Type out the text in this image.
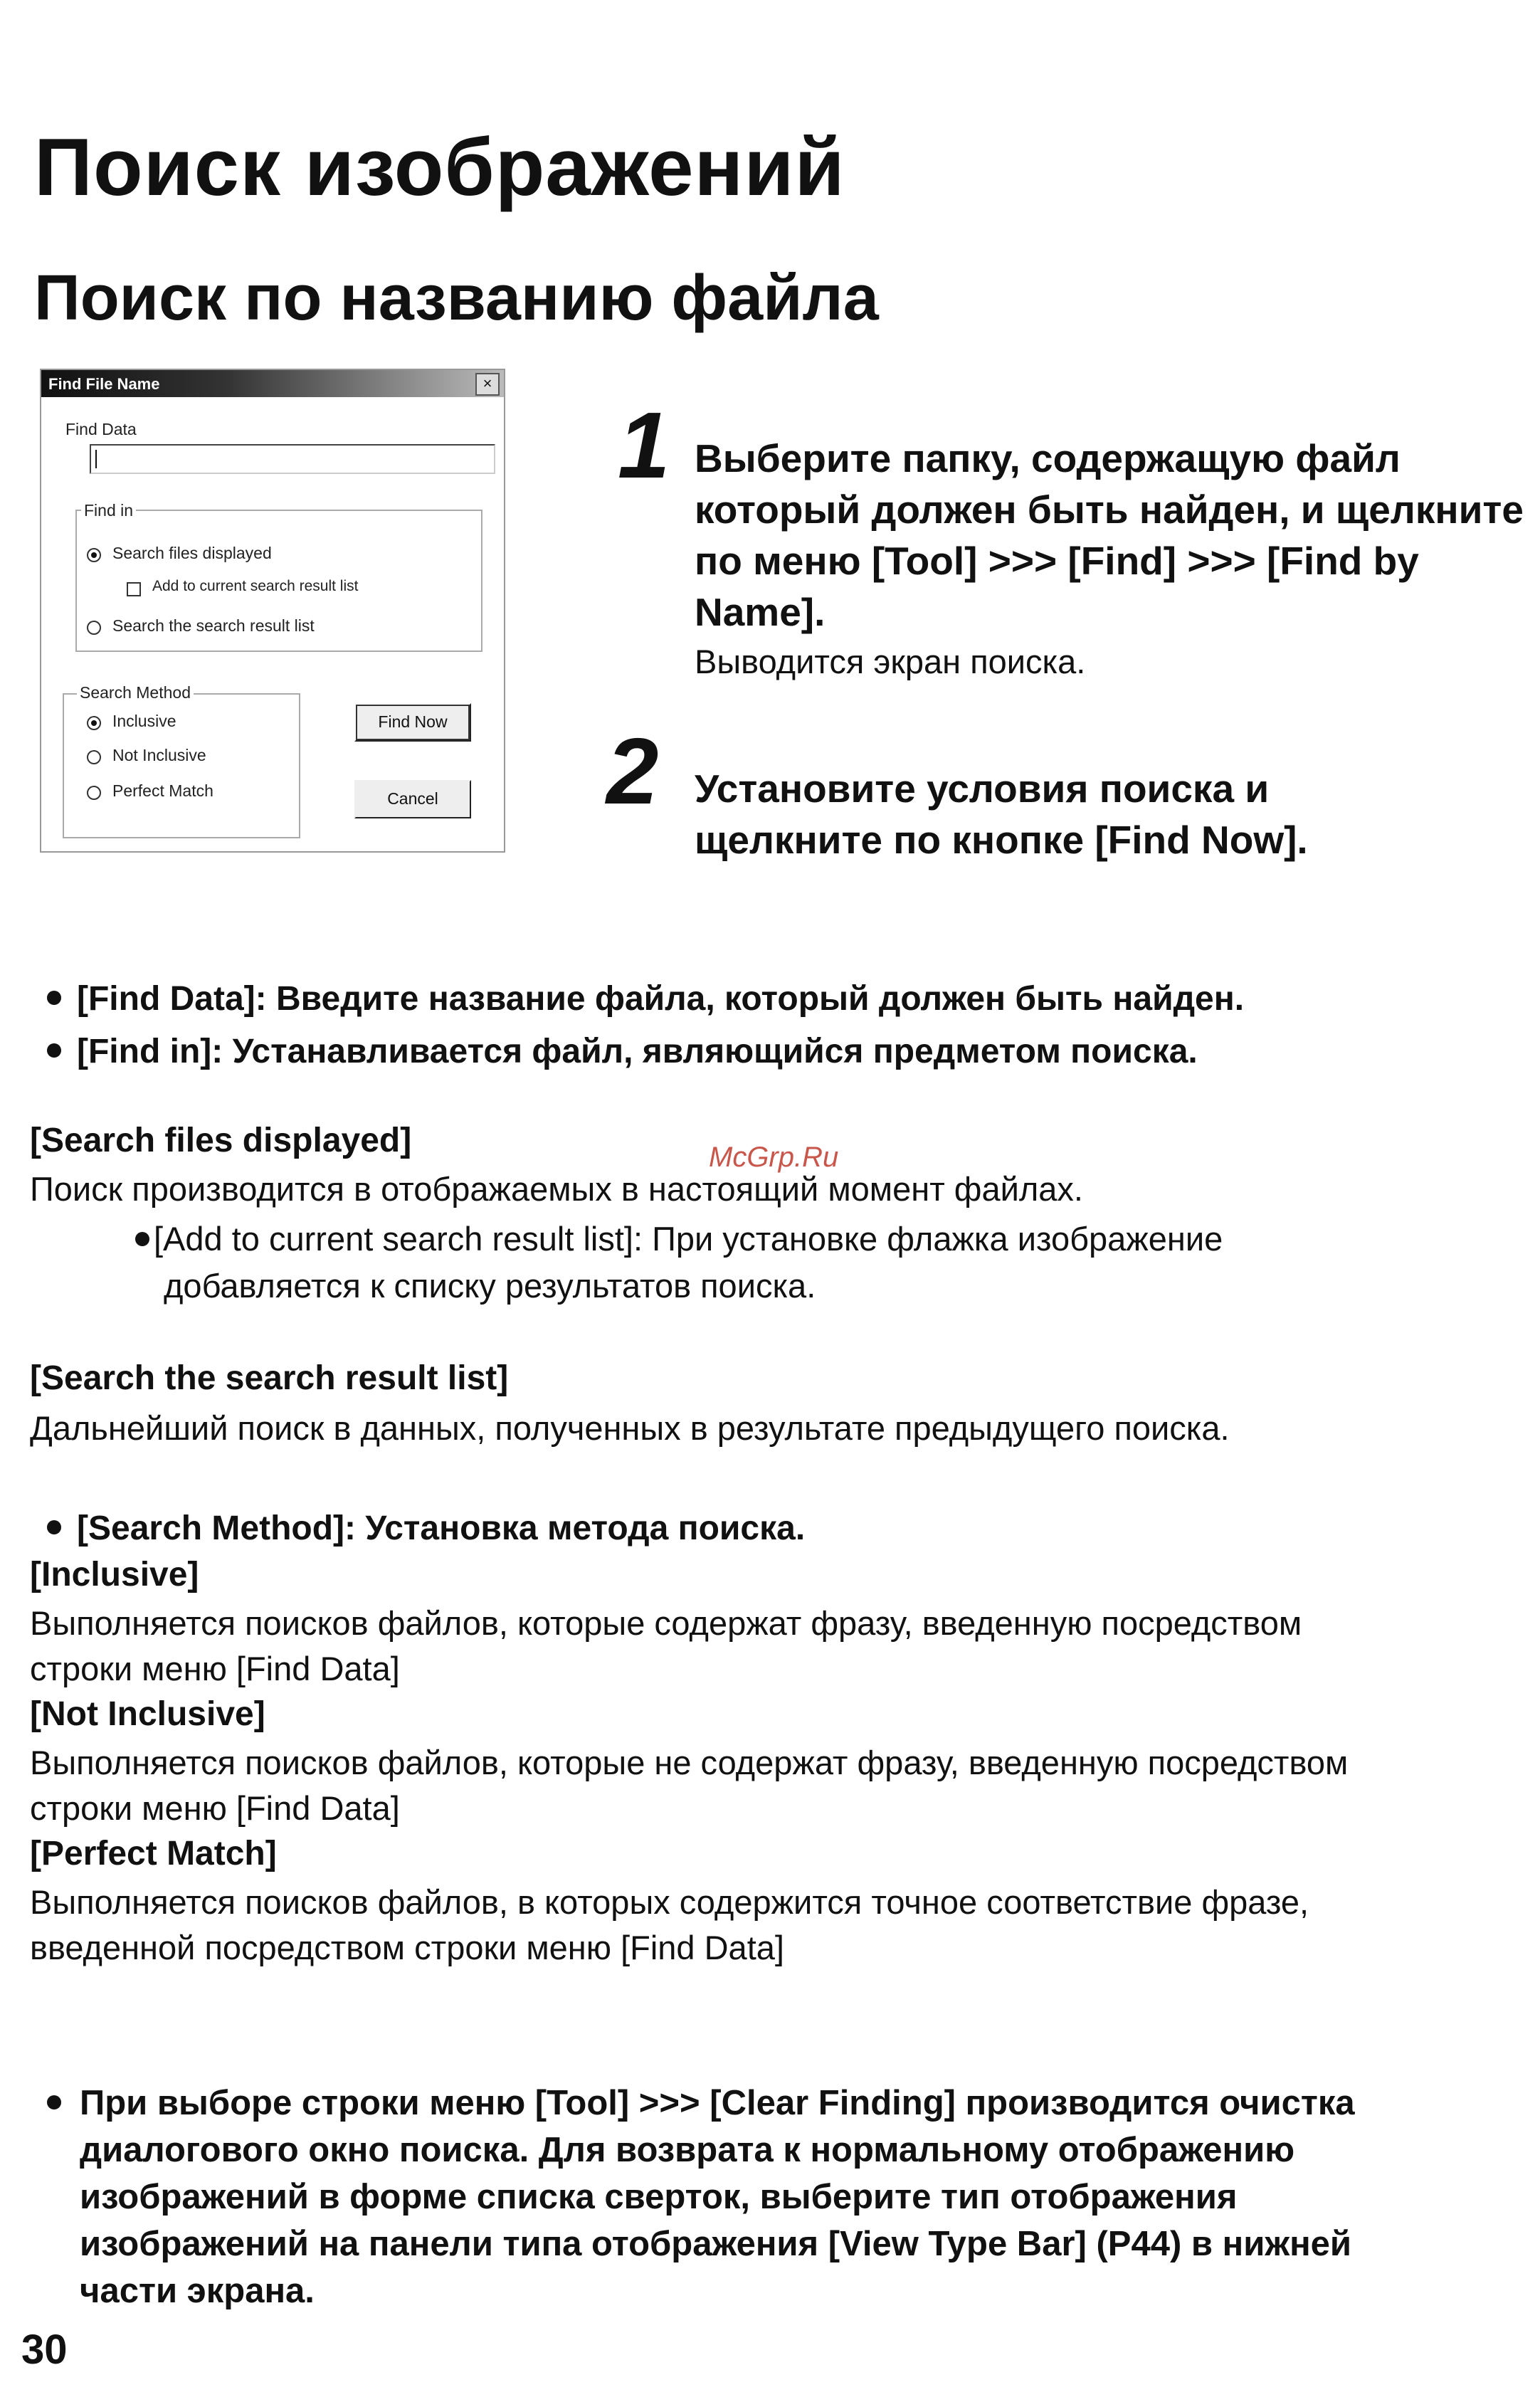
Поиск изображений
Поиск по названию файла
Find File Name	×
Find Data
Find in
Search files displayed
Add to current search result list
Search the search result list
Search Method
Inclusive
Not Inclusive
Perfect Match
Find Now
Cancel
1 Выберите папку, содержащую файл который должен быть найден, и щелкните по меню [Tool] >>> [Find] >>> [Find by Name].
Выводится экран поиска.
2 Установите условия поиска и щелкните по кнопке [Find Now].
[Find Data]: Введите название файла, который должен быть найден.
[Find in]: Устанавливается файл, являющийся предметом поиска.
[Search files displayed]
Поиск производится в отображаемых в настоящий момент файлах.
[Add to current search result list]: При установке флажка изображение
добавляется к списку результатов поиска.
[Search the search result list]
Дальнейший поиск в данных, полученных в результате предыдущего поиска.
[Search Method]: Установка метода поиска.
[Inclusive]
Выполняется поисков файлов, которые содержат фразу, введенную посредством
строки меню [Find Data]
[Not Inclusive]
Выполняется поисков файлов, которые не содержат фразу, введенную посредством
строки меню [Find Data]
[Perfect Match]
Выполняется поисков файлов, в которых содержится точное соответствие фразе,
введенной посредством строки меню [Find Data]
При выборе строки меню [Tool] >>> [Clear Finding] производится очистка
диалогового окно поиска. Для возврата к нормальному отображению
изображений в форме списка сверток, выберите тип отображения
изображений на панели типа отображения [View Type Bar] (P44) в нижней
части экрана.
McGrp.Ru
30
